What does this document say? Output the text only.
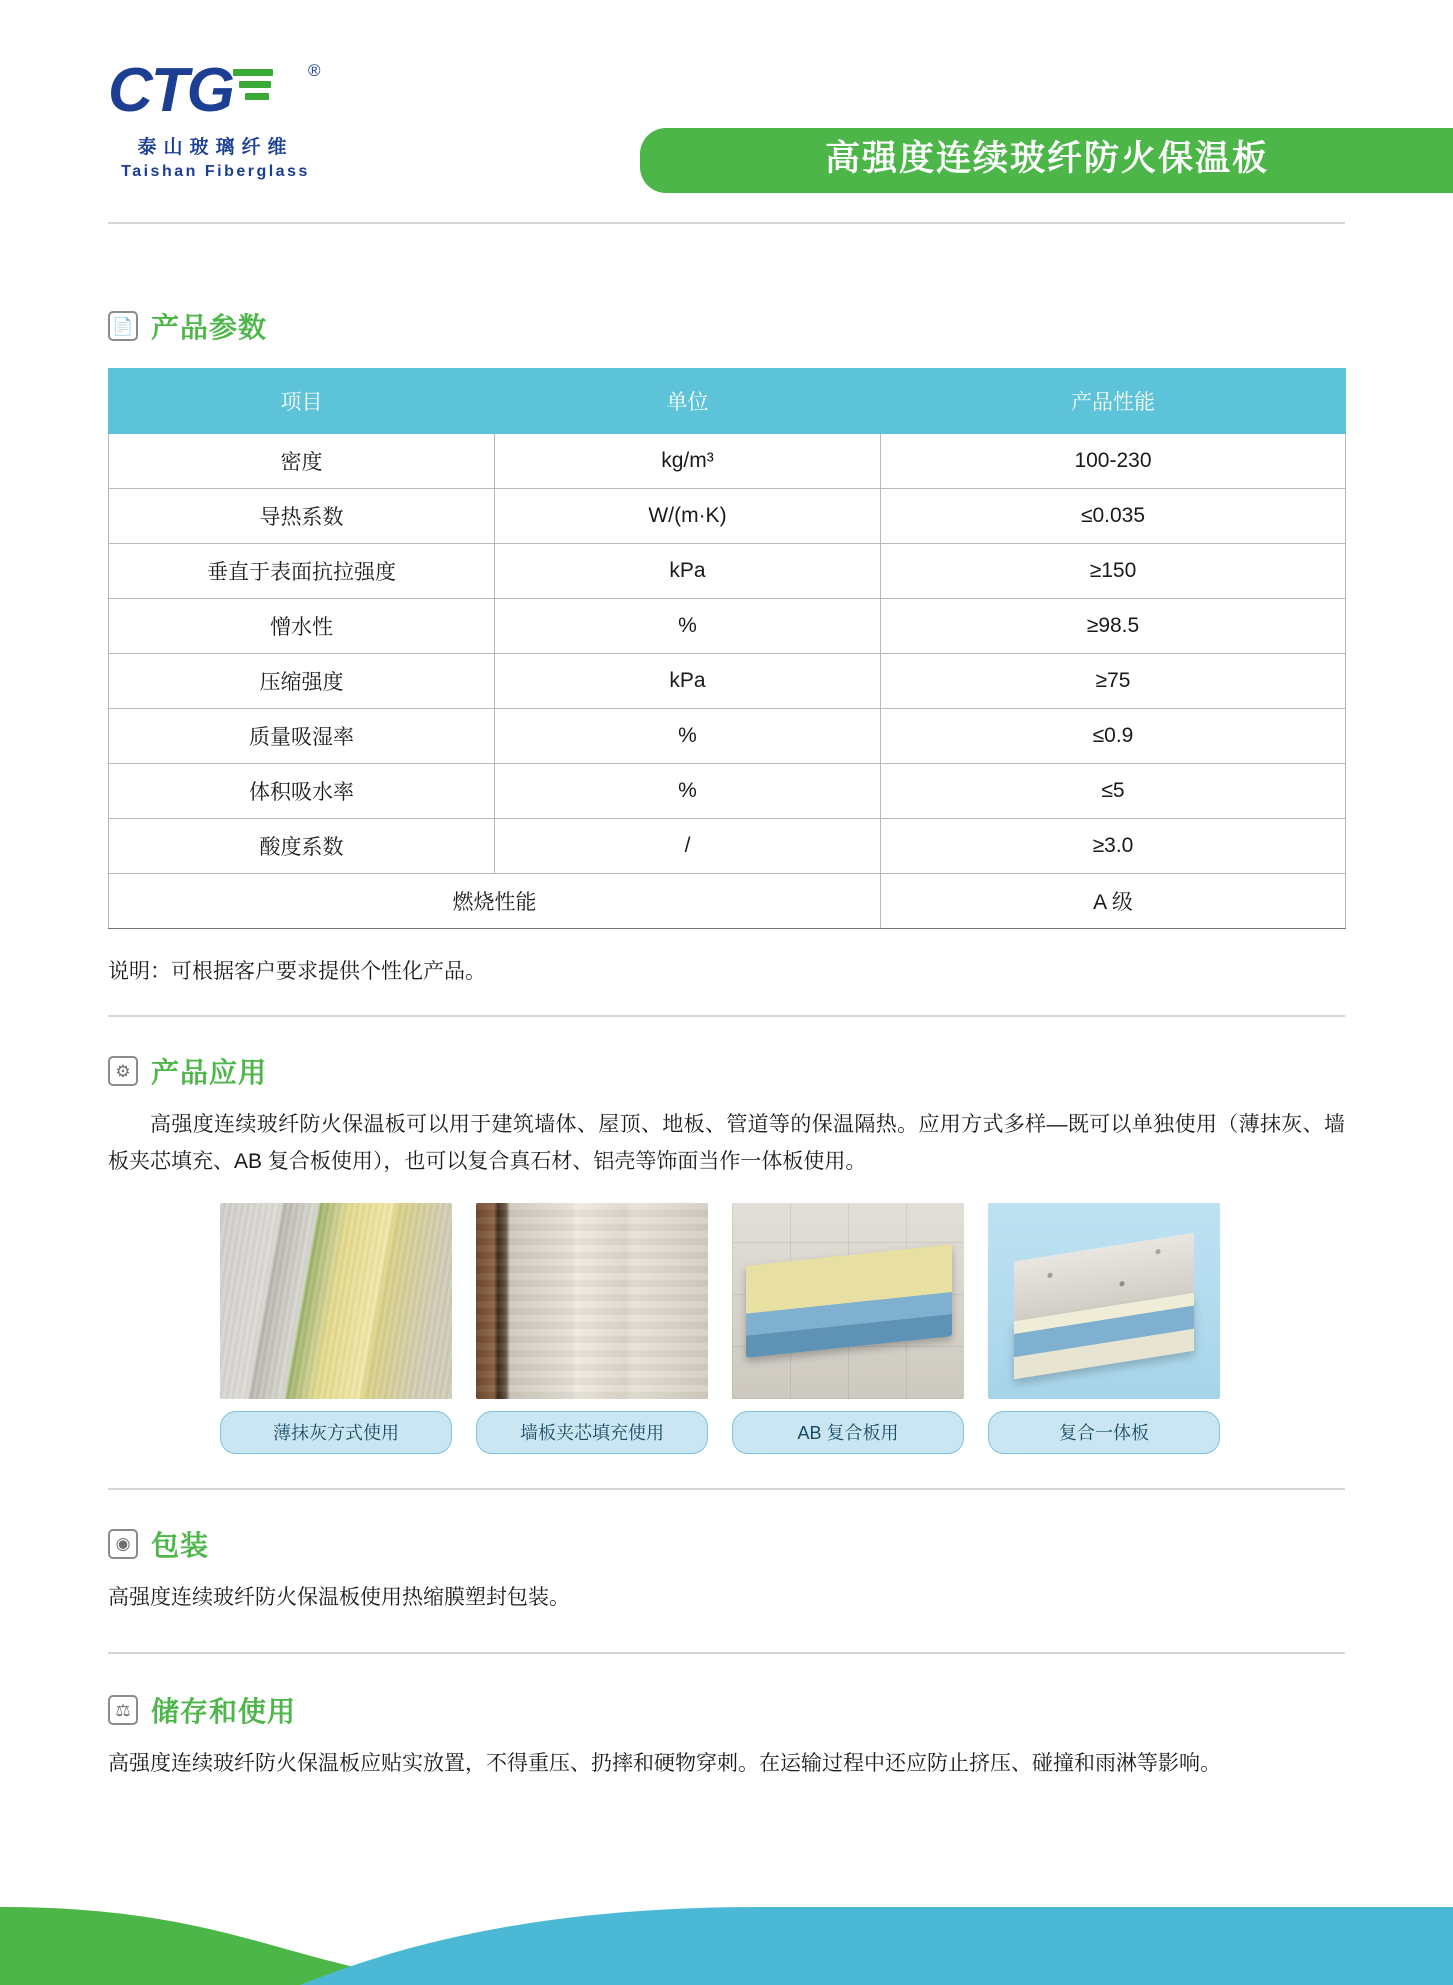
CTG	®
泰山玻璃纤维
Taishan Fiberglass	高强度连续玻纤防火保温板
📄 产品参数
项目	单位	产品性能
密度	kg/m³	100-230
导热系数	W/(m·K)	≤0.035
垂直于表面抗拉强度	kPa	≥150
憎水性	%	≥98.5
压缩强度	kPa	≥75
质量吸湿率	%	≤0.9
体积吸水率	%	≤5
酸度系数	/	≥3.0
燃烧性能		A 级
说明：可根据客户要求提供个性化产品。
⚙ 产品应用
高强度连续玻纤防火保温板可以用于建筑墙体、屋顶、地板、管道等的保温隔热。应用方式多样—既可以单独使用（薄抹灰、墙板夹芯填充、AB 复合板使用），也可以复合真石材、铝壳等饰面当作一体板使用。
薄抹灰方式使用	墙板夹芯填充使用	AB 复合板用	复合一体板
◉ 包装
高强度连续玻纤防火保温板使用热缩膜塑封包装。
⚖ 储存和使用
高强度连续玻纤防火保温板应贴实放置，不得重压、扔摔和硬物穿刺。在运输过程中还应防止挤压、碰撞和雨淋等影响。
